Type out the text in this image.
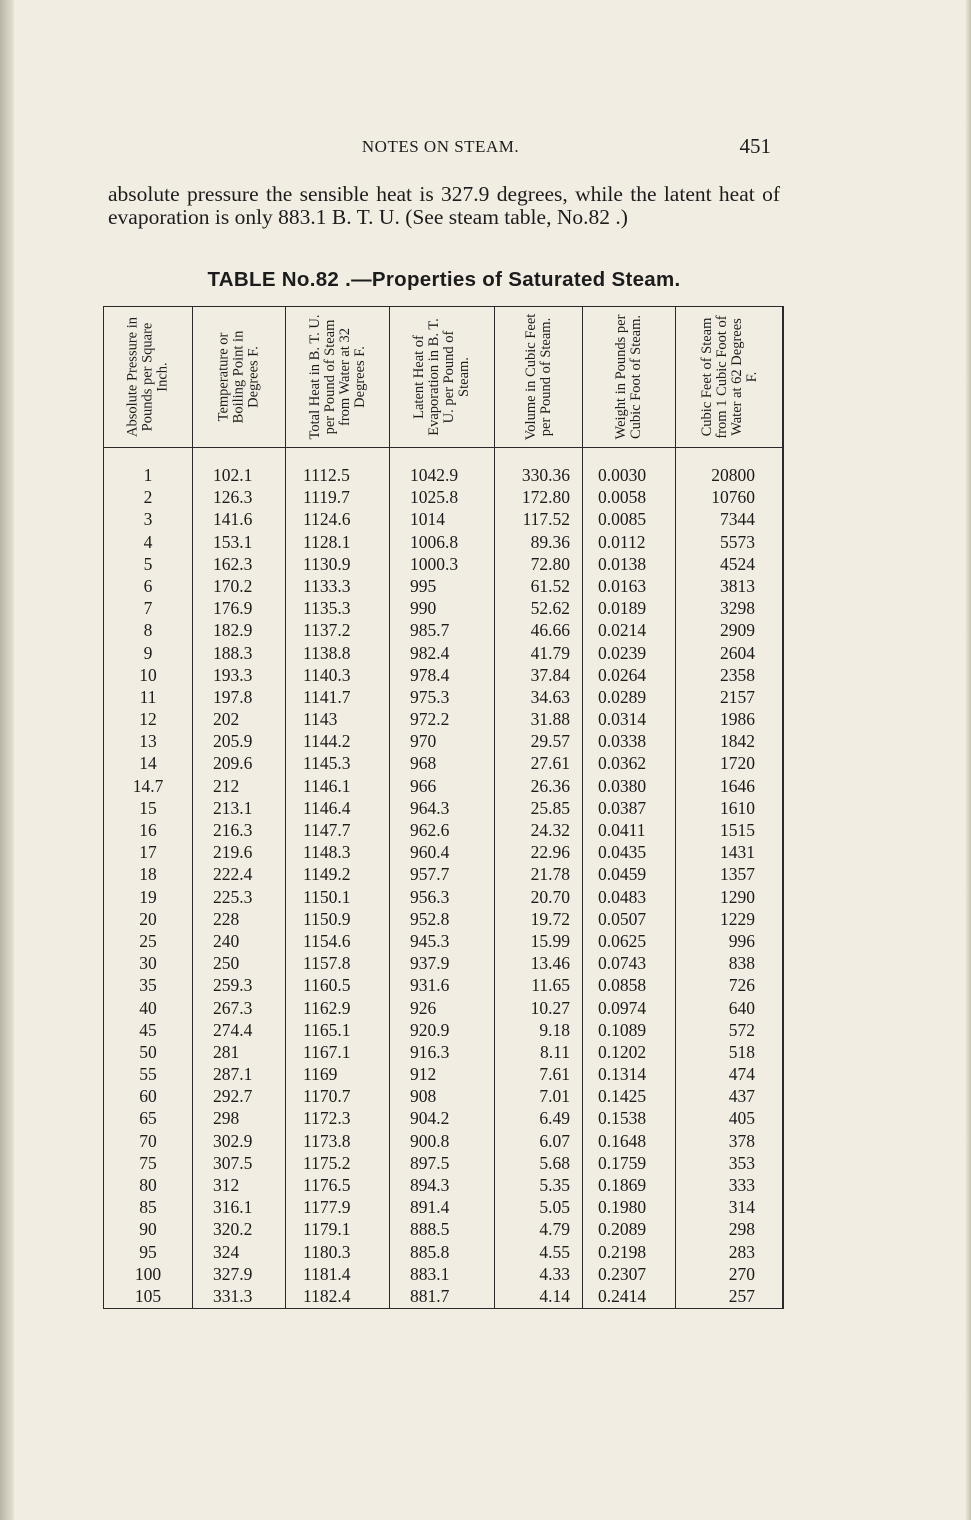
NOTES ON STEAM.	451
absolute pressure the sensible heat is 327.9 degrees, while the latent heat of evaporation is only 883.1 B. T. U. (See steam table, No.82 .)
TABLE No.82 .—Properties of Saturated Steam.
Absolute Pressure in Pounds per Square Inch.
1
2
3
4
5
6
7
8
9
10
11
12
13
14
14.7
15
16
17
18
19
20
25
30
35
40
45
50
55
60
65
70
75
80
85
90
95
100
105
Temperature or Boiling Point in Degrees F.
102.1
126.3
141.6
153.1
162.3
170.2
176.9
182.9
188.3
193.3
197.8
202
205.9
209.6
212
213.1
216.3
219.6
222.4
225.3
228
240
250
259.3
267.3
274.4
281
287.1
292.7
298
302.9
307.5
312
316.1
320.2
324
327.9
331.3
Total Heat in B. T. U. per Pound of Steam from Water at 32 Degrees F.
1112.5
1119.7
1124.6
1128.1
1130.9
1133.3
1135.3
1137.2
1138.8
1140.3
1141.7
1143
1144.2
1145.3
1146.1
1146.4
1147.7
1148.3
1149.2
1150.1
1150.9
1154.6
1157.8
1160.5
1162.9
1165.1
1167.1
1169
1170.7
1172.3
1173.8
1175.2
1176.5
1177.9
1179.1
1180.3
1181.4
1182.4
Latent Heat of Evaporation in B. T. U. per Pound of Steam.
1042.9
1025.8
1014
1006.8
1000.3
995
990
985.7
982.4
978.4
975.3
972.2
970
968
966
964.3
962.6
960.4
957.7
956.3
952.8
945.3
937.9
931.6
926
920.9
916.3
912
908
904.2
900.8
897.5
894.3
891.4
888.5
885.8
883.1
881.7
Volume in Cubic Feet per Pound of Steam.
330.36
172.80
117.52
89.36
72.80
61.52
52.62
46.66
41.79
37.84
34.63
31.88
29.57
27.61
26.36
25.85
24.32
22.96
21.78
20.70
19.72
15.99
13.46
11.65
10.27
9.18
8.11
7.61
7.01
6.49
6.07
5.68
5.35
5.05
4.79
4.55
4.33
4.14
Weight in Pounds per Cubic Foot of Steam.
0.0030
0.0058
0.0085
0.0112
0.0138
0.0163
0.0189
0.0214
0.0239
0.0264
0.0289
0.0314
0.0338
0.0362
0.0380
0.0387
0.0411
0.0435
0.0459
0.0483
0.0507
0.0625
0.0743
0.0858
0.0974
0.1089
0.1202
0.1314
0.1425
0.1538
0.1648
0.1759
0.1869
0.1980
0.2089
0.2198
0.2307
0.2414
Cubic Feet of Steam from 1 Cubic Foot of Water at 62 Degrees F.
20800
10760
7344
5573
4524
3813
3298
2909
2604
2358
2157
1986
1842
1720
1646
1610
1515
1431
1357
1290
1229
996
838
726
640
572
518
474
437
405
378
353
333
314
298
283
270
257
